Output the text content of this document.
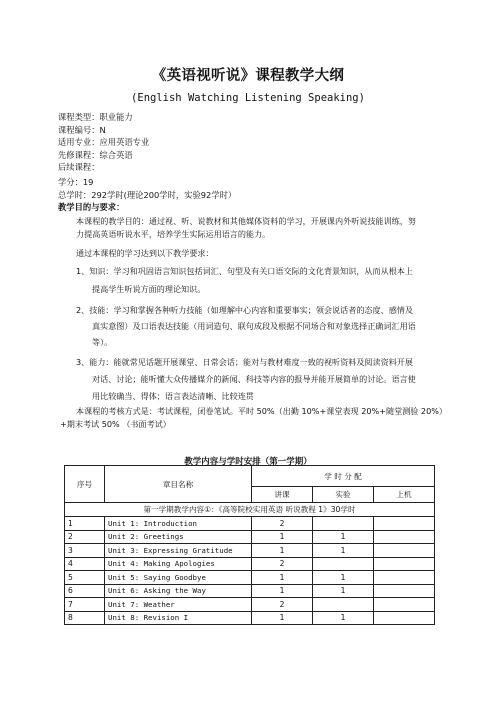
《英语视听说》课程教学大纲
(English Watching Listening Speaking)
课程类型：职业能力
课程编号：N
适用专业：应用英语专业
先修课程：综合英语
后续课程：
学分：19
总学时：292学时(理论200学时，实验92学时）
教学目的与要求：
本课程的教学目的：通过视、听、说教材和其他媒体资料的学习，开展课内外听说技能训练，努
力提高英语听说水平，培养学生实际运用语言的能力。
通过本课程的学习达到以下教学要求：
1、知识：学习和巩固语言知识包括词汇、句型及有关口语交际的文化背景知识，从而从根本上
提高学生听说方面的理论知识。
2、技能：学习和掌握各种听力技能（如理解中心内容和重要事实；领会说话者的态度、感情及
真实意图）及口语表达技能（用词造句、联句成段及根据不同场合和对象选择正确词汇用语
等）。
3、能力：能就常见话题开展课堂、日常会话；能对与教材难度一致的视听资料及阅读资料开展
对话、讨论；能听懂大众传播媒介的新闻、科技等内容的报导并能开展简单的讨论。语言使
用比较确当、得体；语言表达清晰、比较连贯
本课程的考核方式是：考试课程，闭卷笔试。平时 50%（出勤 10%+课堂表现 20%+随堂测验 20%）
+期末考试 50% （书面考试）
教学内容与学时安排（第一学期）
序号	章目名称	学 时 分 配		
		讲课	实验	上机
第一学期教学内容①：《高等院校实用英语 听说教程 1》30学时				
1	Unit 1: Introduction	2		
2	Unit 2: Greetings	1	1	
3	Unit 3: Expressing Gratitude	1	1	
4	Unit 4: Making Apologies	2		
5	Unit 5: Saying Goodbye	1	1	
6	Unit 6: Asking the Way	1	1	
7	Unit 7: Weather	2		
8	Unit 8: Revision I	1	1	
